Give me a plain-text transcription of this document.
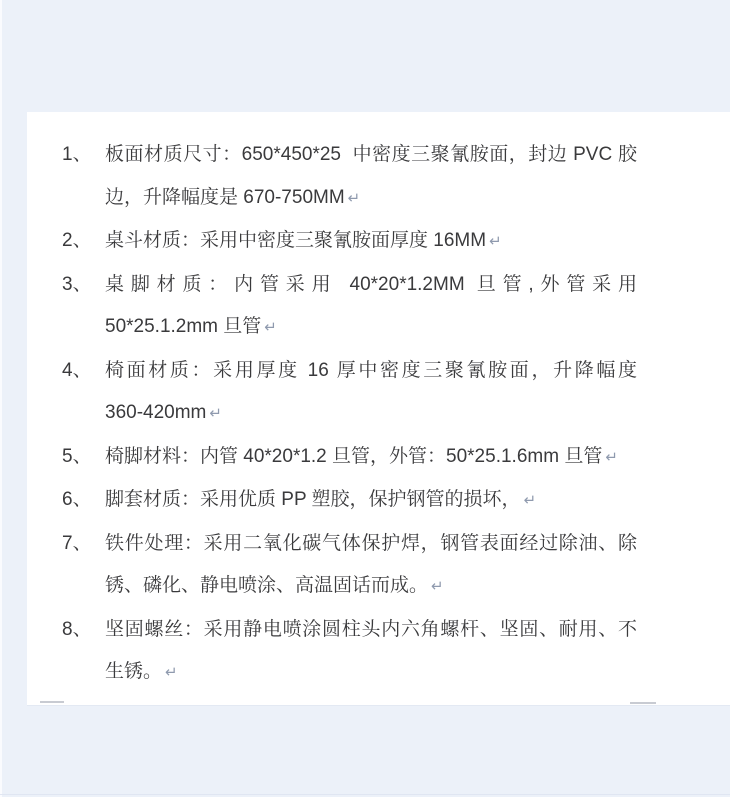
1、 板面材质尺寸：650*450*25  中密度三聚氰胺面，封边 PVC 胶
边，升降幅度是 670-750MM ↵
2、 桌斗材质：采用中密度三聚氰胺面厚度 16MM ↵
3、 桌脚材质：内管采用 40*20*1.2MM 旦管,外管采用
50*25.1.2mm 旦管 ↵
4、 椅面材质：采用厚度 16 厚中密度三聚氰胺面，升降幅度
360-420mm ↵
5、 椅脚材料：内管 40*20*1.2 旦管，外管：50*25.1.6mm 旦管 ↵
6、 脚套材质：采用优质 PP 塑胶，保护钢管的损坏， ↵
7、 铁件处理：采用二氧化碳气体保护焊，钢管表面经过除油、除
锈、磷化、静电喷涂、高温固话而成。 ↵
8、 坚固螺丝：采用静电喷涂圆柱头内六角螺杆、坚固、耐用、不
生锈。 ↵
